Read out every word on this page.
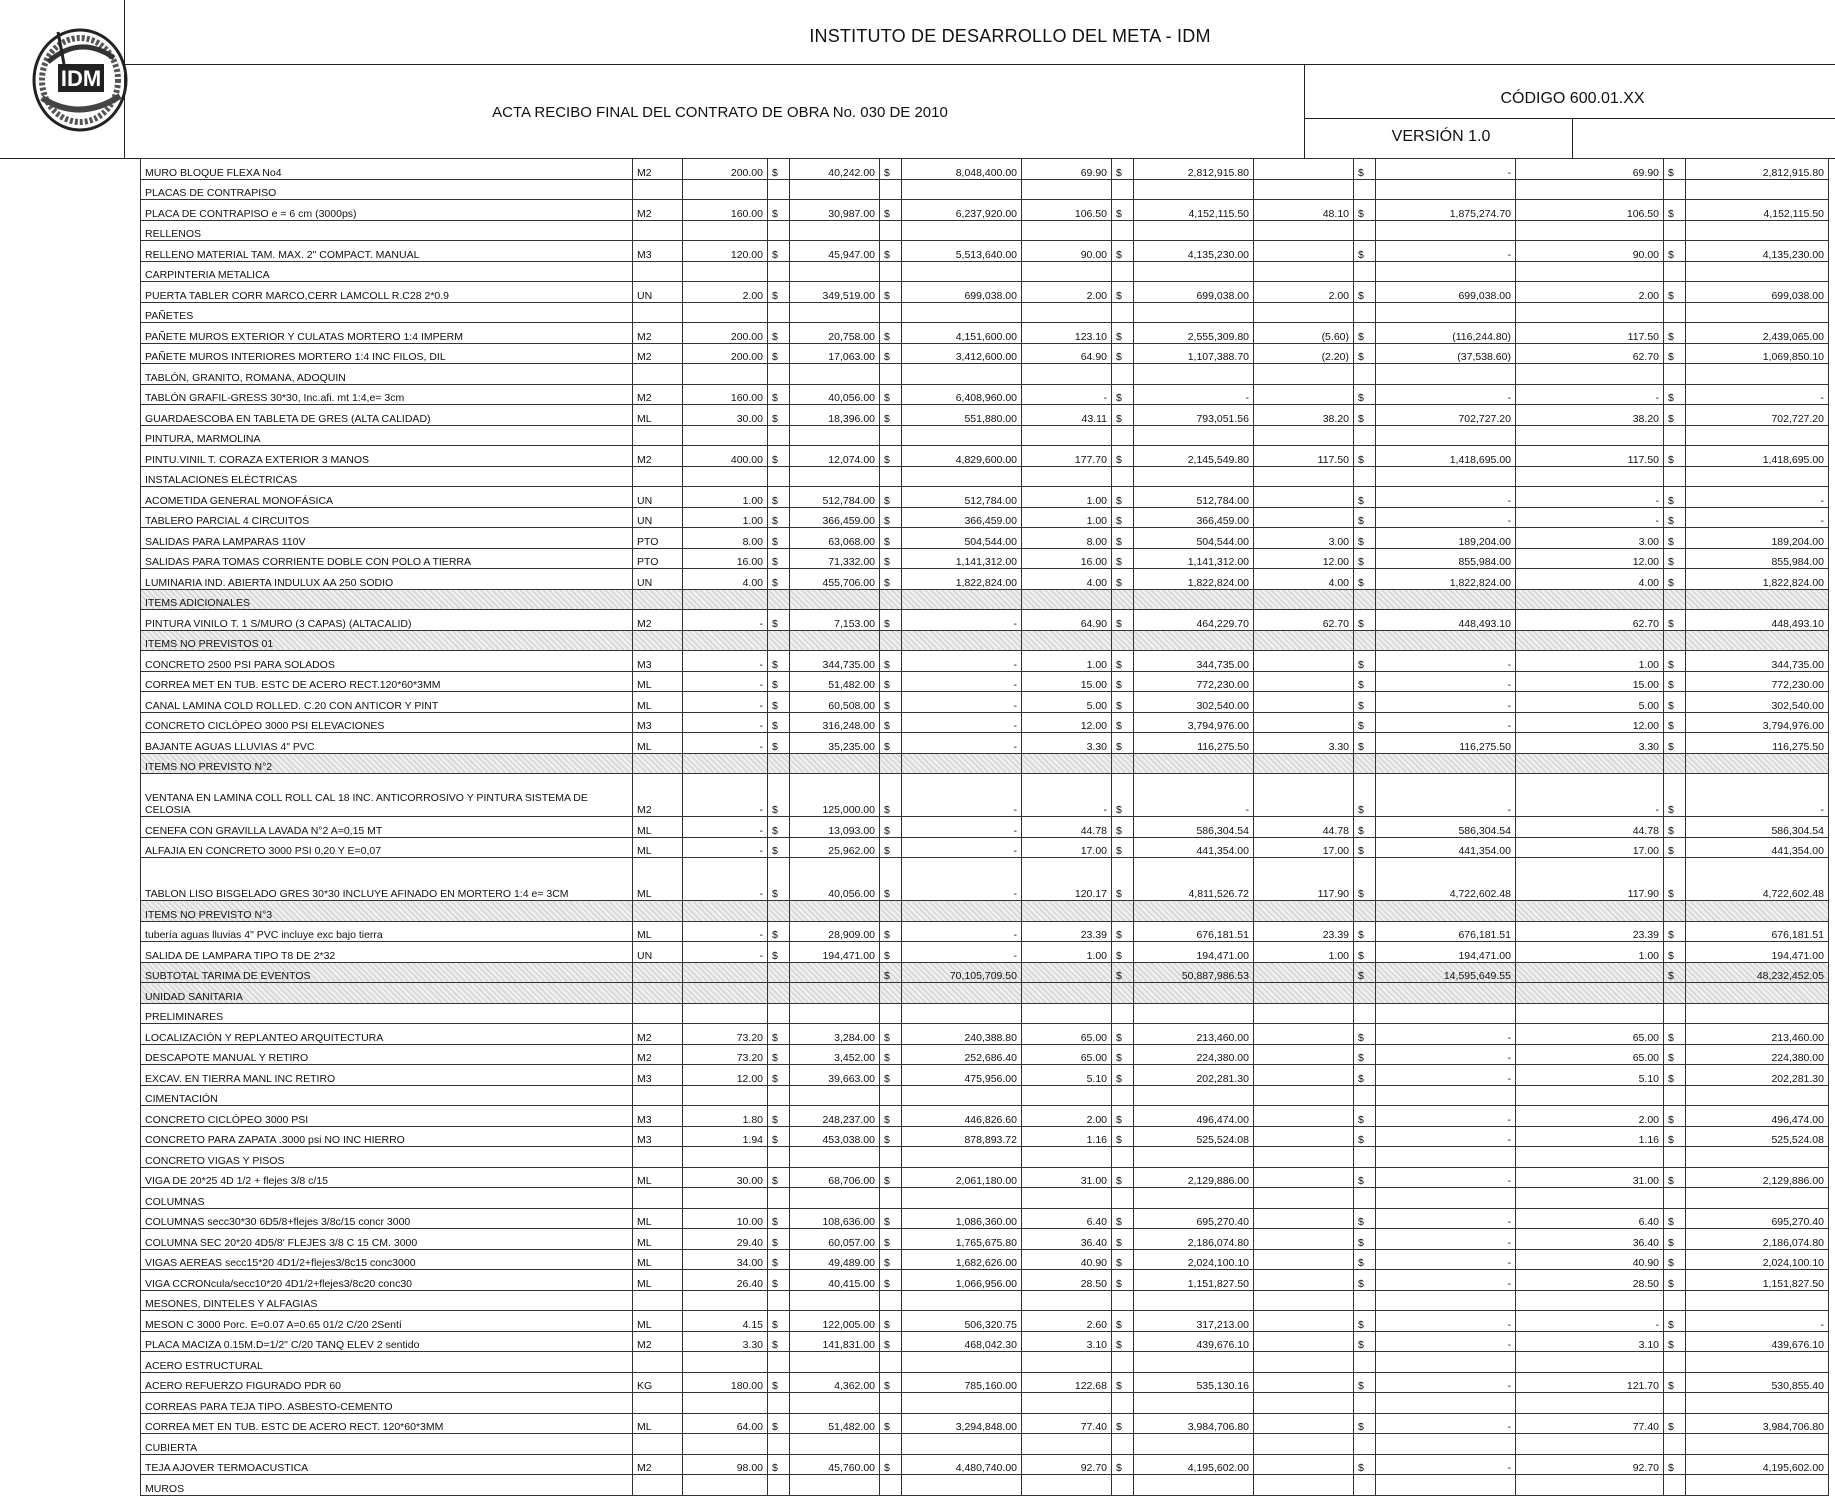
IDM
INSTITUTO DE DESARROLLO DEL META - IDM
ACTA RECIBO FINAL DEL CONTRATO DE OBRA No. 030 DE 2010
CÓDIGO 600.01.XX
VERSIÓN 1.0
MURO BLOQUE FLEXA No4	M2	200.00	$	40,242.00	$	8,048,400.00	69.90	$	2,812,915.80		$	-	69.90	$	2,812,915.80
PLACAS DE CONTRAPISO															
PLACA DE CONTRAPISO e = 6 cm (3000ps)	M2	160.00	$	30,987.00	$	6,237,920.00	106.50	$	4,152,115.50	48.10	$	1,875,274.70	106.50	$	4,152,115.50
RELLENOS															
RELLENO MATERIAL TAM. MAX. 2" COMPACT. MANUAL	M3	120.00	$	45,947.00	$	5,513,640.00	90.00	$	4,135,230.00		$	-	90.00	$	4,135,230.00
CARPINTERIA METALICA															
PUERTA TABLER CORR MARCO,CERR LAMCOLL R.C28 2*0.9	UN	2.00	$	349,519.00	$	699,038.00	2.00	$	699,038.00	2.00	$	699,038.00	2.00	$	699,038.00
PAÑETES															
PAÑETE MUROS EXTERIOR Y CULATAS MORTERO 1:4 IMPERM	M2	200.00	$	20,758.00	$	4,151,600.00	123.10	$	2,555,309.80	(5.60)	$	(116,244.80)	117.50	$	2,439,065.00
PAÑETE MUROS INTERIORES MORTERO 1:4 INC FILOS, DIL	M2	200.00	$	17,063.00	$	3,412,600.00	64.90	$	1,107,388.70	(2.20)	$	(37,538.60)	62.70	$	1,069,850.10
TABLÓN, GRANITO, ROMANA, ADOQUIN															
TABLÓN GRAFIL-GRESS 30*30, Inc.afi. mt 1:4,e= 3cm	M2	160.00	$	40,056.00	$	6,408,960.00	-	$	-		$	-	-	$	-
GUARDAESCOBA EN TABLETA DE GRES (ALTA CALIDAD)	ML	30.00	$	18,396.00	$	551,880.00	43.11	$	793,051.56	38.20	$	702,727.20	38.20	$	702,727.20
PINTURA, MARMOLINA															
PINTU.VINIL T. CORAZA EXTERIOR 3 MANOS	M2	400.00	$	12,074.00	$	4,829,600.00	177.70	$	2,145,549.80	117.50	$	1,418,695.00	117.50	$	1,418,695.00
INSTALACIONES ELÉCTRICAS															
ACOMETIDA GENERAL MONOFÁSICA	UN	1.00	$	512,784.00	$	512,784.00	1.00	$	512,784.00		$	-	-	$	-
TABLERO PARCIAL 4 CIRCUITOS	UN	1.00	$	366,459.00	$	366,459.00	1.00	$	366,459.00		$	-	-	$	-
SALIDAS PARA LAMPARAS 110V	PTO	8.00	$	63,068.00	$	504,544.00	8.00	$	504,544.00	3.00	$	189,204.00	3.00	$	189,204.00
SALIDAS PARA TOMAS CORRIENTE DOBLE CON POLO A TIERRA	PTO	16.00	$	71,332.00	$	1,141,312.00	16.00	$	1,141,312.00	12.00	$	855,984.00	12.00	$	855,984.00
LUMINARIA IND. ABIERTA INDULUX AA 250 SODIO	UN	4.00	$	455,706.00	$	1,822,824.00	4.00	$	1,822,824.00	4.00	$	1,822,824.00	4.00	$	1,822,824.00
ITEMS ADICIONALES															
PINTURA VINILO T. 1 S/MURO (3 CAPAS) (ALTACALID)	M2	-	$	7,153.00	$	-	64.90	$	464,229.70	62.70	$	448,493.10	62.70	$	448,493.10
ITEMS NO PREVISTOS 01															
CONCRETO 2500 PSI PARA SOLADOS	M3	-	$	344,735.00	$	-	1.00	$	344,735.00		$	-	1.00	$	344,735.00
CORREA MET EN TUB. ESTC DE ACERO RECT.120*60*3MM	ML	-	$	51,482.00	$	-	15.00	$	772,230.00		$	-	15.00	$	772,230.00
CANAL LAMINA COLD ROLLED. C.20 CON ANTICOR Y PINT	ML	-	$	60,508.00	$	-	5.00	$	302,540.00		$	-	5.00	$	302,540.00
CONCRETO CICLÓPEO 3000 PSI ELEVACIONES	M3	-	$	316,248.00	$	-	12.00	$	3,794,976.00		$	-	12.00	$	3,794,976.00
BAJANTE AGUAS LLUVIAS 4" PVC	ML	-	$	35,235.00	$	-	3.30	$	116,275.50	3.30	$	116,275.50	3.30	$	116,275.50
ITEMS NO PREVISTO N°2															
VENTANA EN LAMINA COLL ROLL CAL 18 INC. ANTICORROSIVO Y PINTURA SISTEMA DE CELOSIA	M2	-	$	125,000.00	$	-	-	$	-		$	-	-	$	-
CENEFA CON GRAVILLA LAVADA N°2 A=0,15 MT	ML	-	$	13,093.00	$	-	44.78	$	586,304.54	44.78	$	586,304.54	44.78	$	586,304.54
ALFAJIA EN CONCRETO 3000 PSI 0,20 Y E=0,07	ML	-	$	25,962.00	$	-	17.00	$	441,354.00	17.00	$	441,354.00	17.00	$	441,354.00
TABLON LISO BISGELADO GRES 30*30 INCLUYE AFINADO EN MORTERO 1:4 e= 3CM	ML	-	$	40,056.00	$	-	120.17	$	4,811,526.72	117.90	$	4,722,602.48	117.90	$	4,722,602.48
ITEMS NO PREVISTO N°3															
tubería aguas lluvias 4" PVC incluye exc bajo tierra	ML	-	$	28,909.00	$	-	23.39	$	676,181.51	23.39	$	676,181.51	23.39	$	676,181.51
SALIDA DE LAMPARA TIPO T8 DE 2*32	UN	-	$	194,471.00	$	-	1.00	$	194,471.00	1.00	$	194,471.00	1.00	$	194,471.00
SUBTOTAL TARIMA DE EVENTOS					$	70,105,709.50		$	50,887,986.53		$	14,595,649.55		$	48,232,452.05
UNIDAD SANITARIA															
PRELIMINARES															
LOCALIZACIÓN Y REPLANTEO ARQUITECTURA	M2	73.20	$	3,284.00	$	240,388.80	65.00	$	213,460.00		$	-	65.00	$	213,460.00
DESCAPOTE MANUAL Y RETIRO	M2	73.20	$	3,452.00	$	252,686.40	65.00	$	224,380.00		$	-	65.00	$	224,380.00
EXCAV. EN TIERRA MANL INC RETIRO	M3	12.00	$	39,663.00	$	475,956.00	5.10	$	202,281.30		$	-	5.10	$	202,281.30
CIMENTACIÓN															
CONCRETO CICLÓPEO 3000 PSI	M3	1.80	$	248,237.00	$	446,826.60	2.00	$	496,474.00		$	-	2.00	$	496,474.00
CONCRETO PARA ZAPATA .3000 psi NO INC HIERRO	M3	1.94	$	453,038.00	$	878,893.72	1.16	$	525,524.08		$	-	1.16	$	525,524.08
CONCRETO VIGAS Y PISOS															
VIGA DE 20*25 4D 1/2 + flejes 3/8 c/15	ML	30.00	$	68,706.00	$	2,061,180.00	31.00	$	2,129,886.00		$	-	31.00	$	2,129,886.00
COLUMNAS															
COLUMNAS secc30*30 6D5/8+flejes 3/8c/15 concr 3000	ML	10.00	$	108,636.00	$	1,086,360.00	6.40	$	695,270.40		$	-	6.40	$	695,270.40
COLUMNA SEC 20*20 4D5/8' FLEJES 3/8 C 15 CM. 3000	ML	29.40	$	60,057.00	$	1,765,675.80	36.40	$	2,186,074.80		$	-	36.40	$	2,186,074.80
VIGAS AEREAS secc15*20 4D1/2+flejes3/8c15 conc3000	ML	34.00	$	49,489.00	$	1,682,626.00	40.90	$	2,024,100.10		$	-	40.90	$	2,024,100.10
VIGA CCRONcula/secc10*20 4D1/2+flejes3/8c20 conc30	ML	26.40	$	40,415.00	$	1,066,956.00	28.50	$	1,151,827.50		$	-	28.50	$	1,151,827.50
MESONES, DINTELES Y ALFAGIAS															
MESON C 3000 Porc. E=0.07 A=0.65 01/2 C/20 2Sentí	ML	4.15	$	122,005.00	$	506,320.75	2.60	$	317,213.00		$	-	-	$	-
PLACA MACIZA 0.15M.D=1/2" C/20 TANQ ELEV 2 sentido	M2	3.30	$	141,831.00	$	468,042.30	3.10	$	439,676.10		$	-	3.10	$	439,676.10
ACERO ESTRUCTURAL															
ACERO REFUERZO FIGURADO PDR 60	KG	180.00	$	4,362.00	$	785,160.00	122.68	$	535,130.16		$	-	121.70	$	530,855.40
CORREAS PARA TEJA TIPO. ASBESTO-CEMENTO															
CORREA MET EN TUB. ESTC DE ACERO RECT. 120*60*3MM	ML	64.00	$	51,482.00	$	3,294,848.00	77.40	$	3,984,706.80		$	-	77.40	$	3,984,706.80
CUBIERTA															
TEJA AJOVER TERMOACUSTICA	M2	98.00	$	45,760.00	$	4,480,740.00	92.70	$	4,195,602.00		$	-	92.70	$	4,195,602.00
MUROS															
